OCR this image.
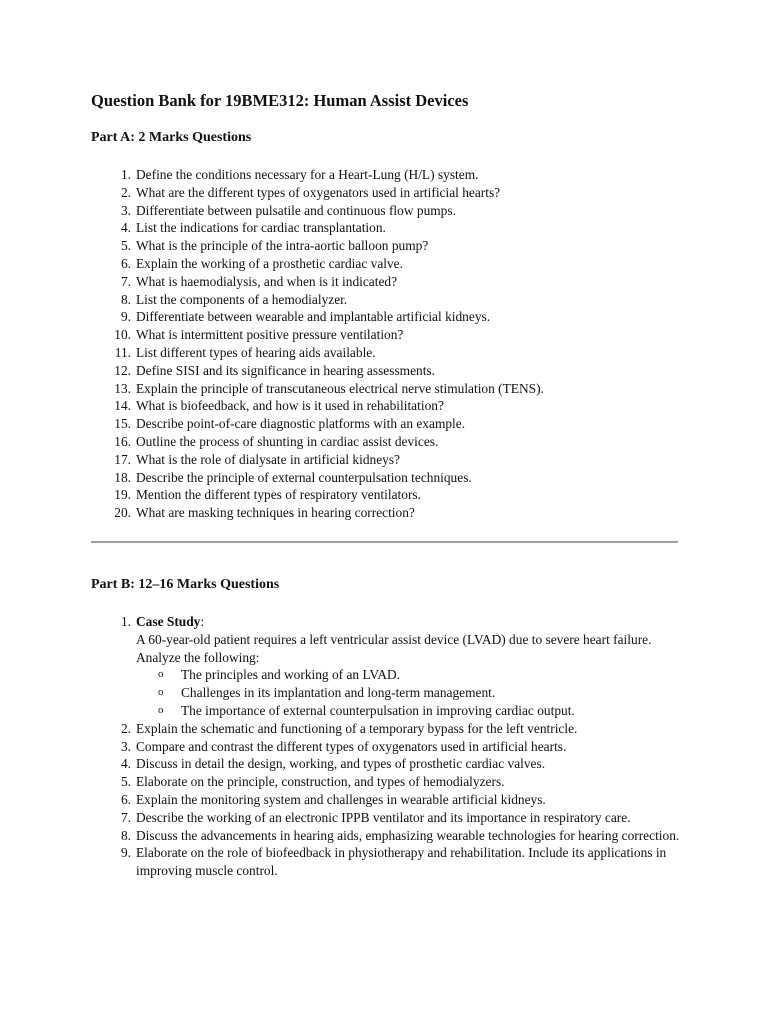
Question Bank for 19BME312: Human Assist Devices
Part A: 2 Marks Questions
1. Define the conditions necessary for a Heart-Lung (H/L) system.
2. What are the different types of oxygenators used in artificial hearts?
3. Differentiate between pulsatile and continuous flow pumps.
4. List the indications for cardiac transplantation.
5. What is the principle of the intra-aortic balloon pump?
6. Explain the working of a prosthetic cardiac valve.
7. What is haemodialysis, and when is it indicated?
8. List the components of a hemodialyzer.
9. Differentiate between wearable and implantable artificial kidneys.
10. What is intermittent positive pressure ventilation?
11. List different types of hearing aids available.
12. Define SISI and its significance in hearing assessments.
13. Explain the principle of transcutaneous electrical nerve stimulation (TENS).
14. What is biofeedback, and how is it used in rehabilitation?
15. Describe point-of-care diagnostic platforms with an example.
16. Outline the process of shunting in cardiac assist devices.
17. What is the role of dialysate in artificial kidneys?
18. Describe the principle of external counterpulsation techniques.
19. Mention the different types of respiratory ventilators.
20. What are masking techniques in hearing correction?
Part B: 12–16 Marks Questions
1. Case Study:
A 60-year-old patient requires a left ventricular assist device (LVAD) due to severe heart failure. Analyze the following:
o The principles and working of an LVAD.
o Challenges in its implantation and long-term management.
o The importance of external counterpulsation in improving cardiac output.
2. Explain the schematic and functioning of a temporary bypass for the left ventricle.
3. Compare and contrast the different types of oxygenators used in artificial hearts.
4. Discuss in detail the design, working, and types of prosthetic cardiac valves.
5. Elaborate on the principle, construction, and types of hemodialyzers.
6. Explain the monitoring system and challenges in wearable artificial kidneys.
7. Describe the working of an electronic IPPB ventilator and its importance in respiratory care.
8. Discuss the advancements in hearing aids, emphasizing wearable technologies for hearing correction.
9. Elaborate on the role of biofeedback in physiotherapy and rehabilitation. Include its applications in improving muscle control.
